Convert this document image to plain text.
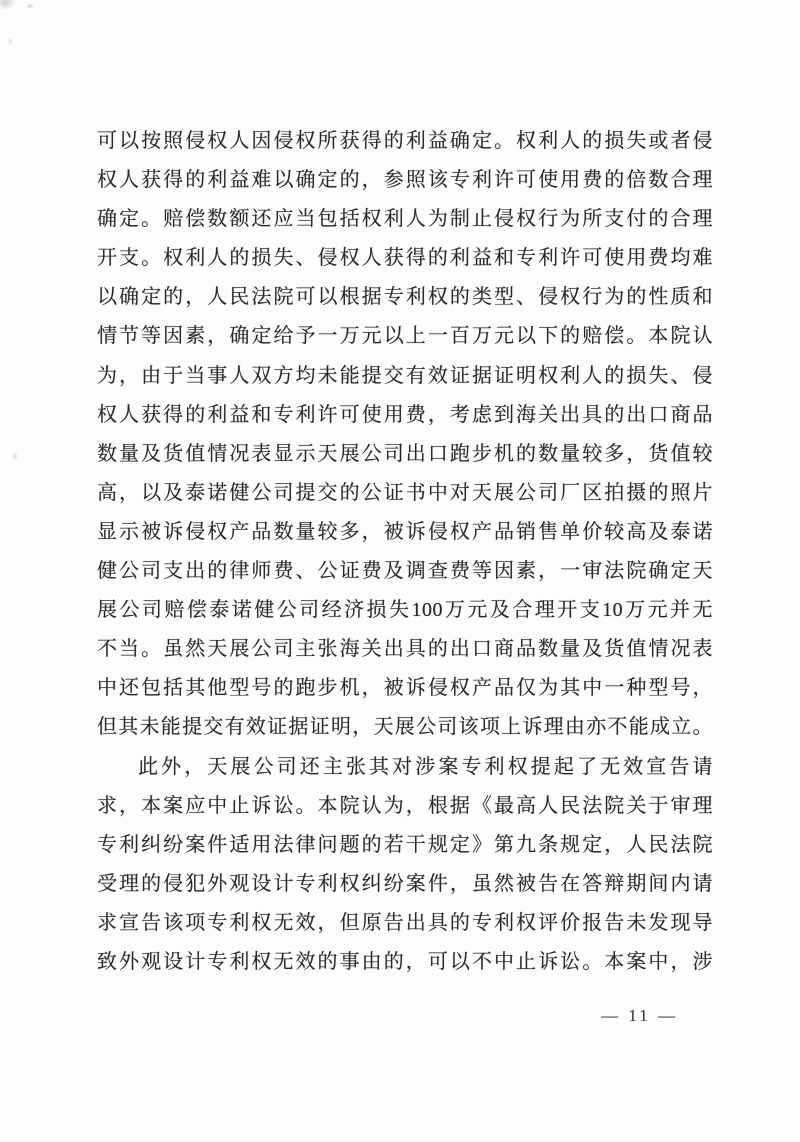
可以按照侵权人因侵权所获得的利益确定。权利人的损失或者侵
权人获得的利益难以确定的，参照该专利许可使用费的倍数合理
确定。赔偿数额还应当包括权利人为制止侵权行为所支付的合理
开支。权利人的损失、侵权人获得的利益和专利许可使用费均难
以确定的，人民法院可以根据专利权的类型、侵权行为的性质和
情节等因素，确定给予一万元以上一百万元以下的赔偿。本院认
为，由于当事人双方均未能提交有效证据证明权利人的损失、侵
权人获得的利益和专利许可使用费，考虑到海关出具的出口商品
数量及货值情况表显示天展公司出口跑步机的数量较多，货值较
高，以及泰诺健公司提交的公证书中对天展公司厂区拍摄的照片
显示被诉侵权产品数量较多，被诉侵权产品销售单价较高及泰诺
健公司支出的律师费、公证费及调查费等因素，一审法院确定天
展公司赔偿泰诺健公司经济损失100万元及合理开支10万元并无
不当。虽然天展公司主张海关出具的出口商品数量及货值情况表
中还包括其他型号的跑步机，被诉侵权产品仅为其中一种型号，
但其未能提交有效证据证明，天展公司该项上诉理由亦不能成立。
此外，天展公司还主张其对涉案专利权提起了无效宣告请
求，本案应中止诉讼。本院认为，根据《最高人民法院关于审理
专利纠纷案件适用法律问题的若干规定》第九条规定，人民法院
受理的侵犯外观设计专利权纠纷案件，虽然被告在答辩期间内请
求宣告该项专利权无效，但原告出具的专利权评价报告未发现导
致外观设计专利权无效的事由的，可以不中止诉讼。本案中，涉
— 11 —
